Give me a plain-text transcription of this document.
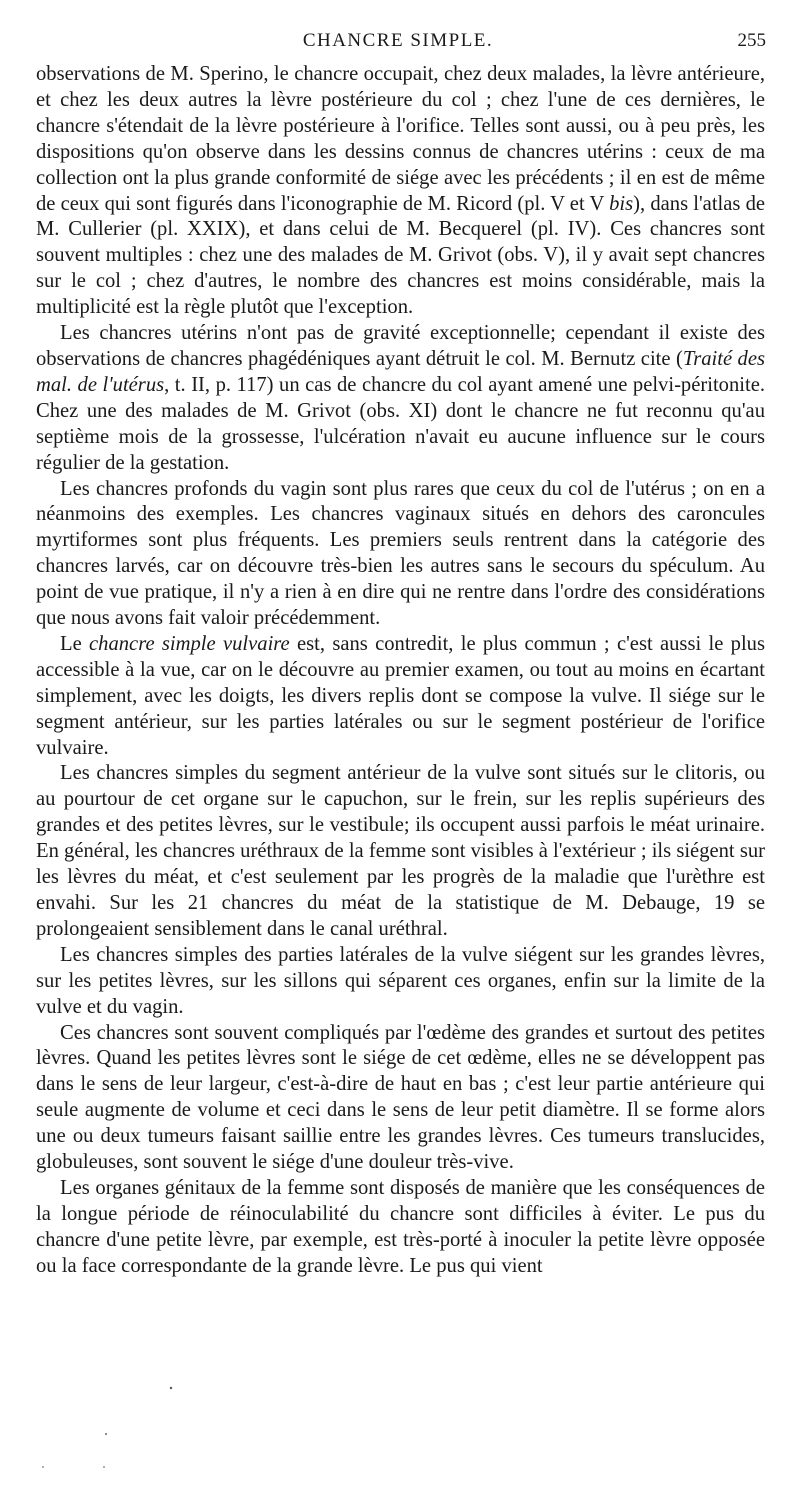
CHANCRE SIMPLE.	255

observations de M. Sperino, le chancre occupait, chez deux malades, la lèvre antérieure, et chez les deux autres la lèvre postérieure du col ; chez l'une de ces dernières, le chancre s'étendait de la lèvre postérieure à l'orifice. Telles sont aussi, ou à peu près, les dispositions qu'on observe dans les dessins connus de chancres utérins : ceux de ma collection ont la plus grande conformité de siége avec les précédents ; il en est de même de ceux qui sont figurés dans l'iconographie de M. Ricord (pl. V et V bis), dans l'atlas de M. Cullerier (pl. XXIX), et dans celui de M. Becquerel (pl. IV). Ces chancres sont souvent multiples : chez une des malades de M. Grivot (obs. V), il y avait sept chancres sur le col ; chez d'autres, le nombre des chancres est moins considérable, mais la multiplicité est la règle plutôt que l'exception.

Les chancres utérins n'ont pas de gravité exceptionnelle; cependant il existe des observations de chancres phagédéniques ayant détruit le col. M. Bernutz cite (Traité des mal. de l'utérus, t. II, p. 117) un cas de chancre du col ayant amené une pelvi-péritonite. Chez une des malades de M. Grivot (obs. XI) dont le chancre ne fut reconnu qu'au septième mois de la grossesse, l'ulcération n'avait eu aucune influence sur le cours régulier de la gestation.

Les chancres profonds du vagin sont plus rares que ceux du col de l'utérus ; on en a néanmoins des exemples. Les chancres vaginaux situés en dehors des caroncules myrtiformes sont plus fréquents. Les premiers seuls rentrent dans la catégorie des chancres larvés, car on découvre très-bien les autres sans le secours du spéculum. Au point de vue pratique, il n'y a rien à en dire qui ne rentre dans l'ordre des considérations que nous avons fait valoir précédemment.

Le chancre simple vulvaire est, sans contredit, le plus commun ; c'est aussi le plus accessible à la vue, car on le découvre au premier examen, ou tout au moins en écartant simplement, avec les doigts, les divers replis dont se compose la vulve. Il siége sur le segment antérieur, sur les parties latérales ou sur le segment postérieur de l'orifice vulvaire.

Les chancres simples du segment antérieur de la vulve sont situés sur le clitoris, ou au pourtour de cet organe sur le capuchon, sur le frein, sur les replis supérieurs des grandes et des petites lèvres, sur le vestibule; ils occupent aussi parfois le méat urinaire. En général, les chancres uréthraux de la femme sont visibles à l'extérieur ; ils siégent sur les lèvres du méat, et c'est seulement par les progrès de la maladie que l'urèthre est envahi. Sur les 21 chancres du méat de la statistique de M. Debauge, 19 se prolongeaient sensiblement dans le canal uréthral.

Les chancres simples des parties latérales de la vulve siégent sur les grandes lèvres, sur les petites lèvres, sur les sillons qui séparent ces organes, enfin sur la limite de la vulve et du vagin.

Ces chancres sont souvent compliqués par l'œdème des grandes et surtout des petites lèvres. Quand les petites lèvres sont le siége de cet œdème, elles ne se développent pas dans le sens de leur largeur, c'est-à-dire de haut en bas ; c'est leur partie antérieure qui seule augmente de volume et ceci dans le sens de leur petit diamètre. Il se forme alors une ou deux tumeurs faisant saillie entre les grandes lèvres. Ces tumeurs translucides, globuleuses, sont souvent le siége d'une douleur très-vive.

Les organes génitaux de la femme sont disposés de manière que les conséquences de la longue période de réinoculabilité du chancre sont difficiles à éviter. Le pus du chancre d'une petite lèvre, par exemple, est très-porté à inoculer la petite lèvre opposée ou la face correspondante de la grande lèvre. Le pus qui vient
